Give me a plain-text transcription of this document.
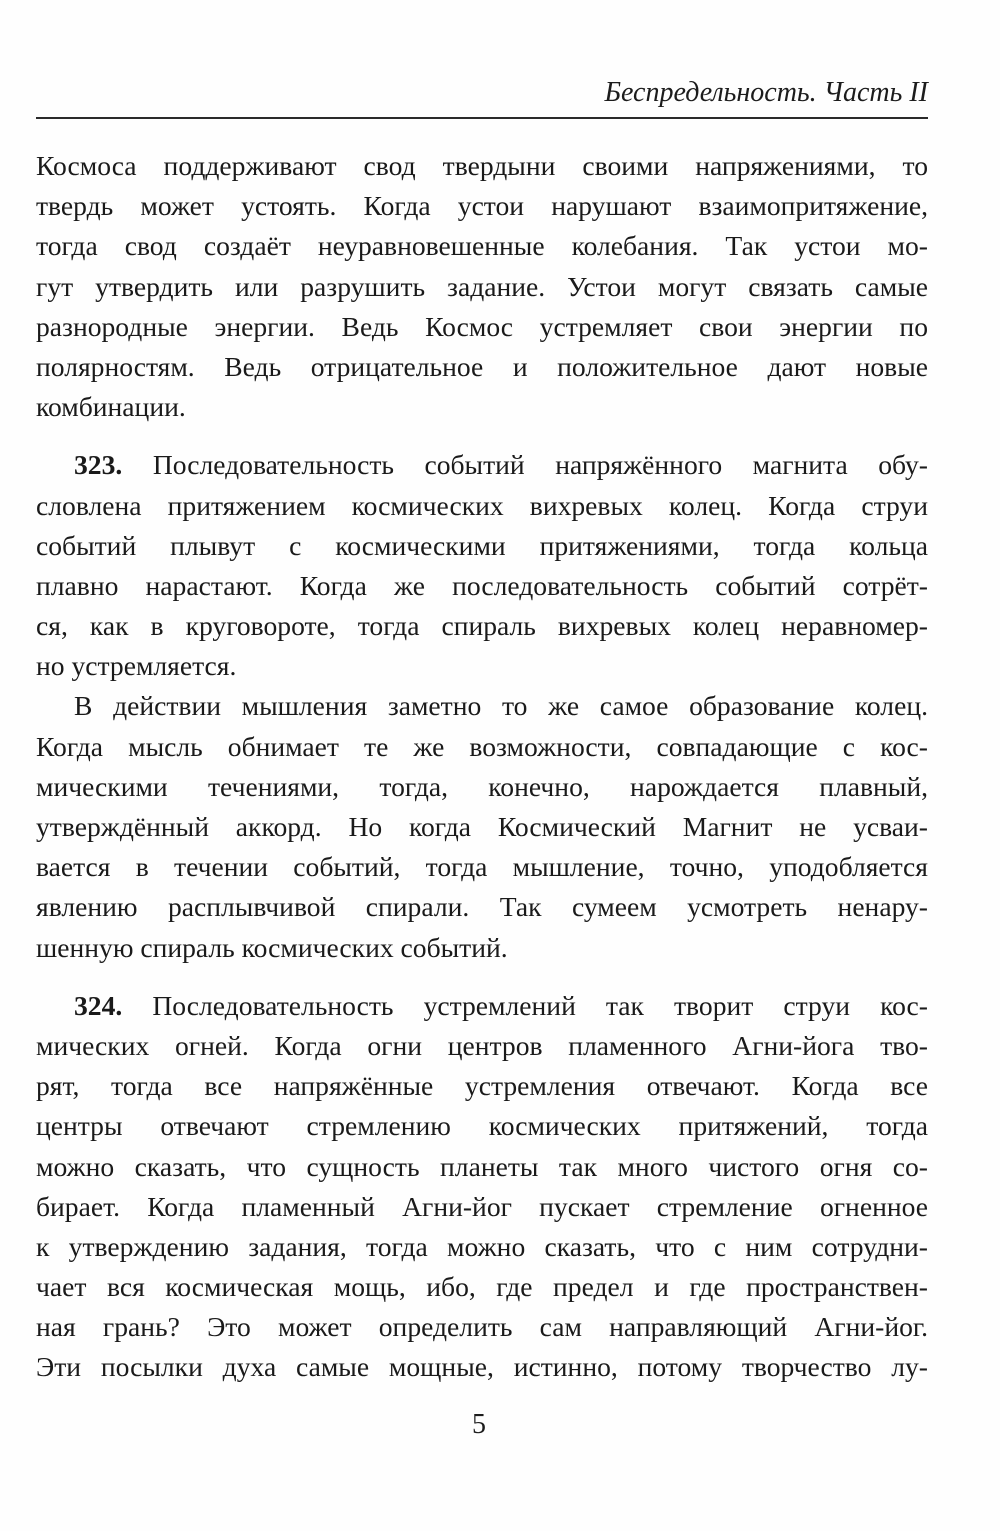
Беспредельность. Часть II
Космоса поддерживают свод твердыни своими напряжениями, то
твердь может устоять. Когда устои нарушают взаимопритяжение,
тогда свод создаёт неуравновешенные колебания. Так устои мо-
гут утвердить или разрушить задание. Устои могут связать самые
разнородные энергии. Ведь Космос устремляет свои энергии по
полярностям. Ведь отрицательное и положительное дают новые
комбинации.
323. Последовательность событий напряжённого магнита обу-
словлена притяжением космических вихревых колец. Когда струи
событий плывут с космическими притяжениями, тогда кольца
плавно нарастают. Когда же последовательность событий сотрёт-
ся, как в круговороте, тогда спираль вихревых колец неравномер-
но устремляется.
В действии мышления заметно то же самое образование колец.
Когда мысль обнимает те же возможности, совпадающие с кос-
мическими течениями, тогда, конечно, нарождается плавный,
утверждённый аккорд. Но когда Космический Магнит не усваи-
вается в течении событий, тогда мышление, точно, уподобляется
явлению расплывчивой спирали. Так сумеем усмотреть ненару-
шенную спираль космических событий.
324. Последовательность устремлений так творит струи кос-
мических огней. Когда огни центров пламенного Агни-йога тво-
рят, тогда все напряжённые устремления отвечают. Когда все
центры отвечают стремлению космических притяжений, тогда
можно сказать, что сущность планеты так много чистого огня со-
бирает. Когда пламенный Агни-йог пускает стремление огненное
к утверждению задания, тогда можно сказать, что с ним сотрудни-
чает вся космическая мощь, ибо, где предел и где пространствен-
ная грань? Это может определить сам направляющий Агни-йог.
Эти посылки духа самые мощные, истинно, потому творчество лу-
5
